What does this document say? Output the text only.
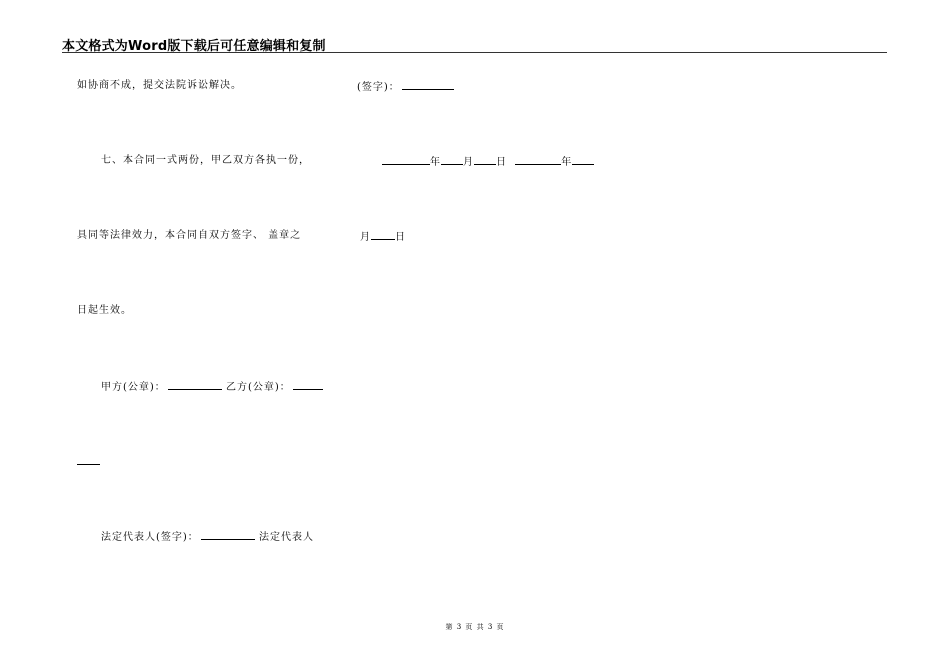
本文格式为Word版下载后可任意编辑和复制
如协商不成，提交法院诉讼解决。	(签字)：
七、本合同一式两份，甲乙双方各执一份，	年 月 日	年
具同等法律效力，本合同自双方签字、 盖章之	月 日
日起生效。
甲方(公章)：	乙方(公章)：
法定代表人(签字)：	法定代表人
第 3 页 共 3 页
